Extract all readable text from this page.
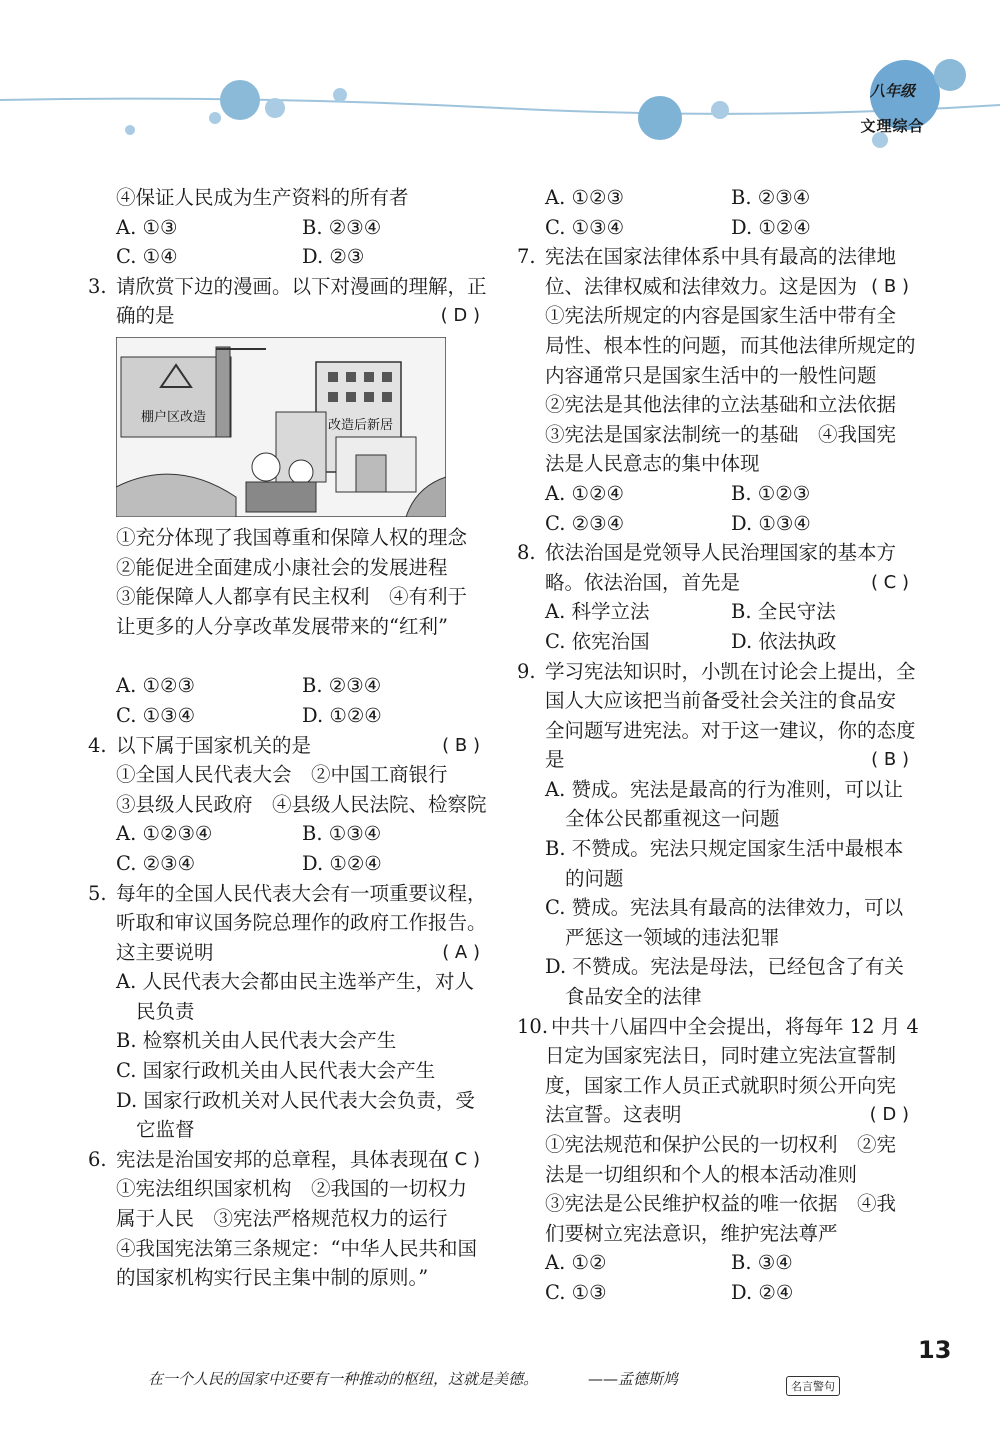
八年级
文理综合
④保证人民成为生产资料的所有者
A. ①③	B. ②③④
C. ①④	D. ②③
3. 请欣赏下边的漫画。以下对漫画的理解，正
确的是	( D )
棚户区改造
改造后新居
①充分体现了我国尊重和保障人权的理念
②能促进全面建成小康社会的发展进程
③能保障人人都享有民主权利　④有利于
让更多的人分享改革发展带来的“红利”
A. ①②③	B. ②③④
C. ①③④	D. ①②④
4. 以下属于国家机关的是	( B )
①全国人民代表大会　②中国工商银行
③县级人民政府　④县级人民法院、检察院
A. ①②③④	B. ①③④
C. ②③④	D. ①②④
5. 每年的全国人民代表大会有一项重要议程，
听取和审议国务院总理作的政府工作报告。
这主要说明	( A )
A. 人民代表大会都由民主选举产生，对人
民负责
B. 检察机关由人民代表大会产生
C. 国家行政机关由人民代表大会产生
D. 国家行政机关对人民代表大会负责，受
它监督
6. 宪法是治国安邦的总章程，具体表现在
( C )
①宪法组织国家机构　②我国的一切权力
属于人民　③宪法严格规范权力的运行
④我国宪法第三条规定：“中华人民共和国
的国家机构实行民主集中制的原则。”
A. ①②③	B. ②③④
C. ①③④	D. ①②④
7. 宪法在国家法律体系中具有最高的法律地
位、法律权威和法律效力。这是因为 ( B )
①宪法所规定的内容是国家生活中带有全
局性、根本性的问题，而其他法律所规定的
内容通常只是国家生活中的一般性问题
②宪法是其他法律的立法基础和立法依据
③宪法是国家法制统一的基础　④我国宪
法是人民意志的集中体现
A. ①②④	B. ①②③
C. ②③④	D. ①③④
8. 依法治国是党领导人民治理国家的基本方
略。依法治国，首先是	( C )
A. 科学立法	B. 全民守法
C. 依宪治国	D. 依法执政
9. 学习宪法知识时，小凯在讨论会上提出，全
国人大应该把当前备受社会关注的食品安
全问题写进宪法。对于这一建议，你的态度
是	( B )
A. 赞成。宪法是最高的行为准则，可以让
全体公民都重视这一问题
B. 不赞成。宪法只规定国家生活中最根本
的问题
C. 赞成。宪法具有最高的法律效力，可以
严惩这一领域的违法犯罪
D. 不赞成。宪法是母法，已经包含了有关
食品安全的法律
10. 中共十八届四中全会提出，将每年 12 月 4
日定为国家宪法日，同时建立宪法宣誓制
度，国家工作人员正式就职时须公开向宪
法宣誓。这表明	( D )
①宪法规范和保护公民的一切权利　②宪
法是一切组织和个人的根本活动准则
③宪法是公民维护权益的唯一依据　④我
们要树立宪法意识，维护宪法尊严
A. ①②	B. ③④
C. ①③	D. ②④
13
在一个人民的国家中还要有一种推动的枢纽，这就是美德。	——孟德斯鸠	名言警句
